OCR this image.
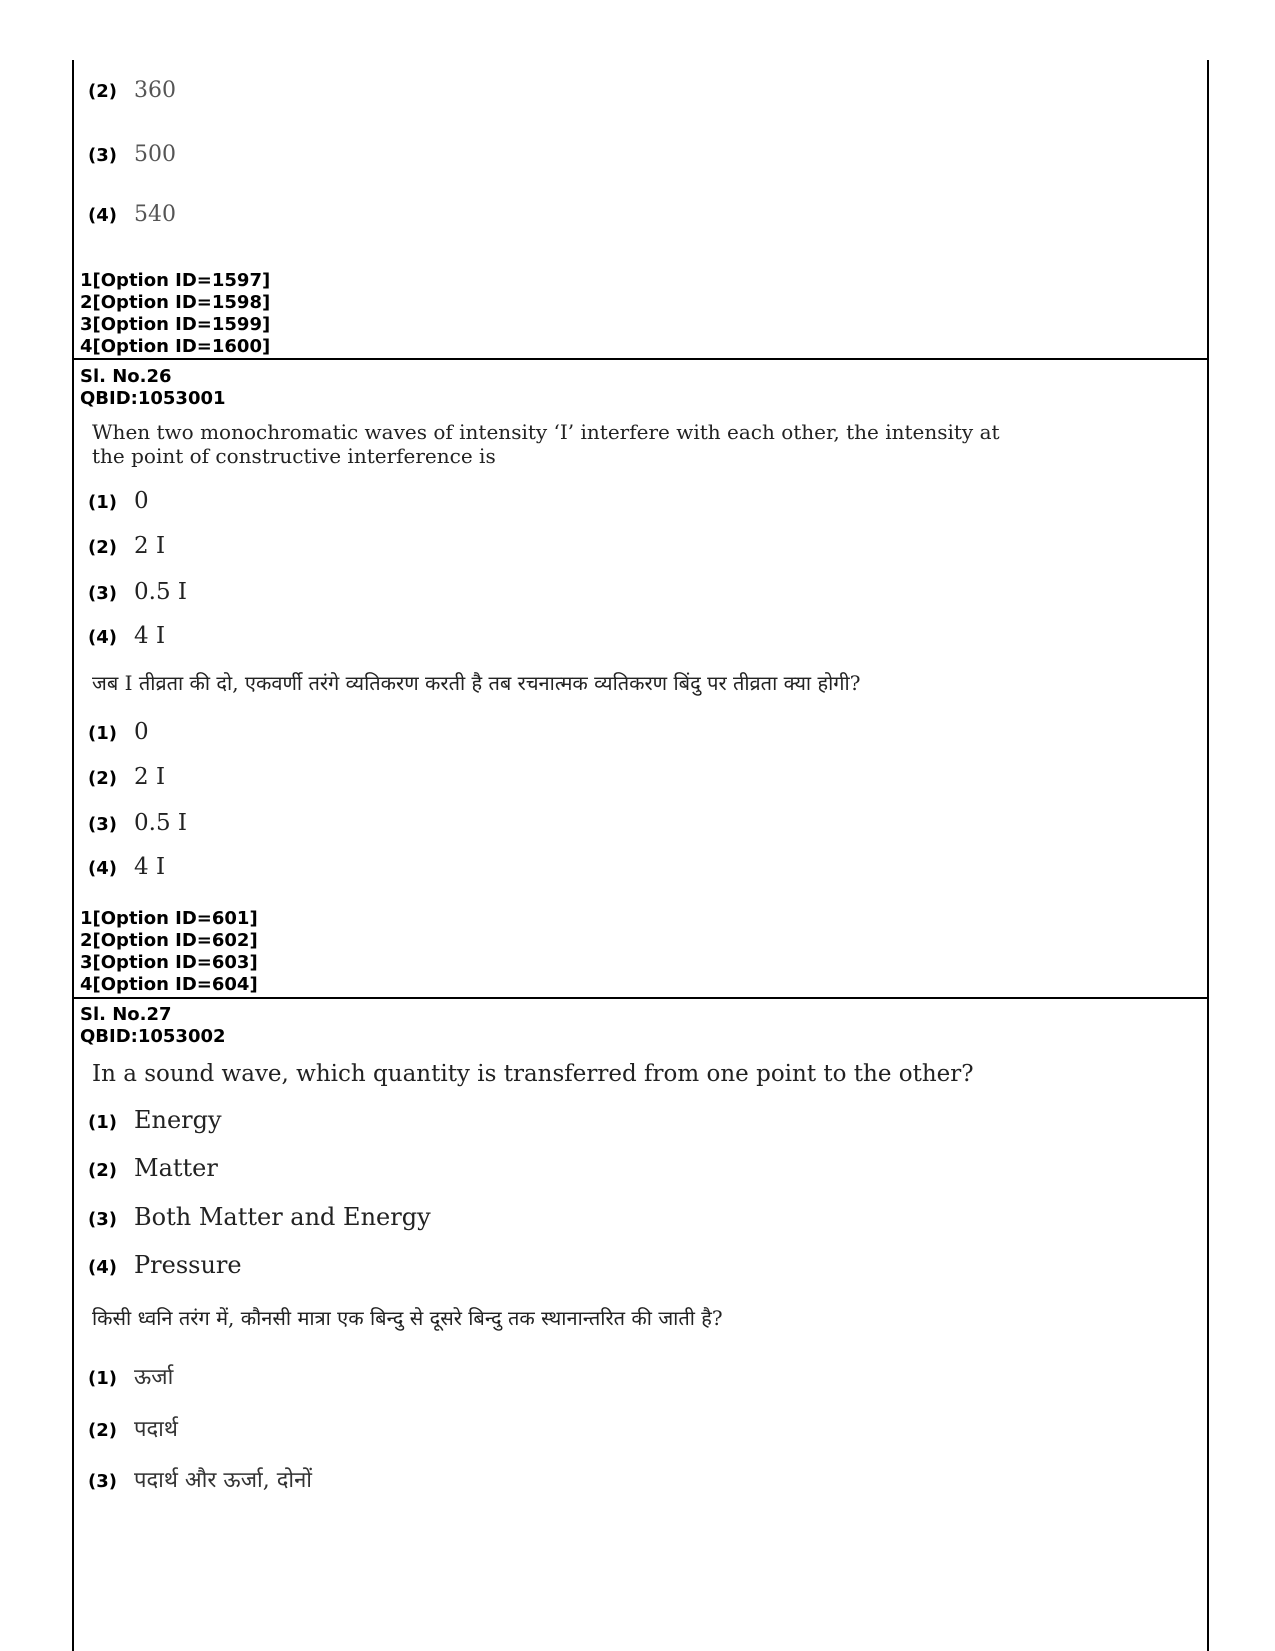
(2) 360
(3) 500
(4) 540
1[Option ID=1597]
2[Option ID=1598]
3[Option ID=1599]
4[Option ID=1600]
Sl. No.26
QBID:1053001
When two monochromatic waves of intensity ‘I’ interfere with each other, the intensity at the point of constructive interference is
(1) 0
(2) 2 I
(3) 0.5 I
(4) 4 I
जब I तीव्रता की दो, एकवर्णी तरंगे व्यतिकरण करती है तब रचनात्मक व्यतिकरण बिंदु पर तीव्रता क्या होगी?
(1) 0
(2) 2 I
(3) 0.5 I
(4) 4 I
1[Option ID=601]
2[Option ID=602]
3[Option ID=603]
4[Option ID=604]
Sl. No.27
QBID:1053002
In a sound wave, which quantity is transferred from one point to the other?
(1) Energy
(2) Matter
(3) Both Matter and Energy
(4) Pressure
किसी ध्वनि तरंग में, कौनसी मात्रा एक बिन्दु से दूसरे बिन्दु तक स्थानान्तरित की जाती है?
(1) ऊर्जा
(2) पदार्थ
(3) पदार्थ और ऊर्जा, दोनों
